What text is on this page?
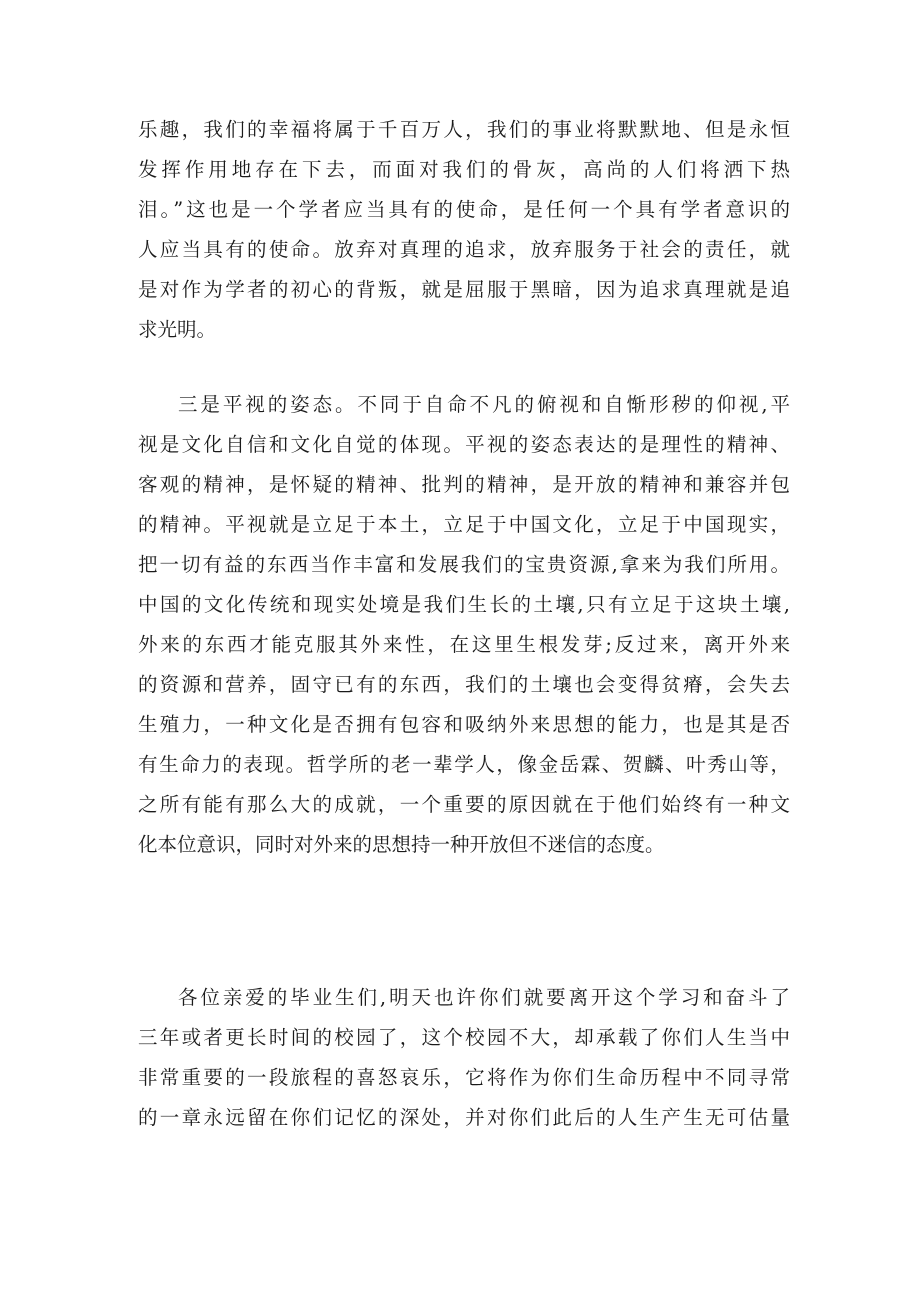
乐趣，我们的幸福将属于千百万人，我们的事业将默默地、但是永恒
发挥作用地存在下去，而面对我们的骨灰，高尚的人们将洒下热
泪。”这也是一个学者应当具有的使命，是任何一个具有学者意识的
人应当具有的使命。放弃对真理的追求，放弃服务于社会的责任，就
是对作为学者的初心的背叛，就是屈服于黑暗，因为追求真理就是追
求光明。
三是平视的姿态。不同于自命不凡的俯视和自惭形秽的仰视,平
视是文化自信和文化自觉的体现。平视的姿态表达的是理性的精神、
客观的精神，是怀疑的精神、批判的精神，是开放的精神和兼容并包
的精神。平视就是立足于本土，立足于中国文化，立足于中国现实，
把一切有益的东西当作丰富和发展我们的宝贵资源,拿来为我们所用。
中国的文化传统和现实处境是我们生长的土壤,只有立足于这块土壤,
外来的东西才能克服其外来性，在这里生根发芽;反过来，离开外来
的资源和营养，固守已有的东西，我们的土壤也会变得贫瘠，会失去
生殖力，一种文化是否拥有包容和吸纳外来思想的能力，也是其是否
有生命力的表现。哲学所的老一辈学人，像金岳霖、贺麟、叶秀山等，
之所有能有那么大的成就，一个重要的原因就在于他们始终有一种文
化本位意识，同时对外来的思想持一种开放但不迷信的态度。
各位亲爱的毕业生们,明天也许你们就要离开这个学习和奋斗了
三年或者更长时间的校园了，这个校园不大，却承载了你们人生当中
非常重要的一段旅程的喜怒哀乐，它将作为你们生命历程中不同寻常
的一章永远留在你们记忆的深处，并对你们此后的人生产生无可估量
